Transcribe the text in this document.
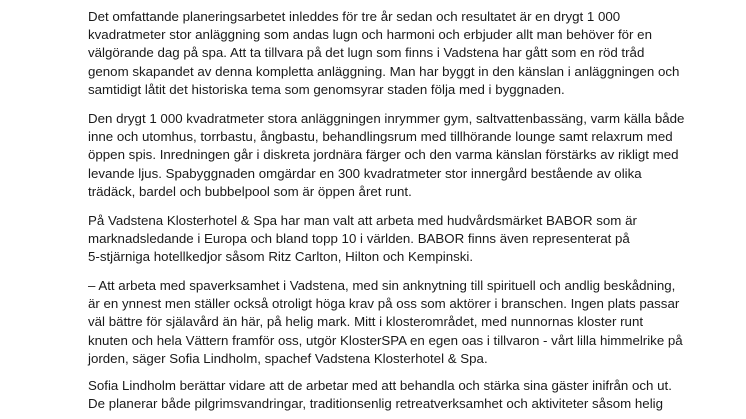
Det omfattande planeringsarbetet inleddes för tre år sedan och resultatet är en drygt 1 000
kvadratmeter stor anläggning som andas lugn och harmoni och erbjuder allt man behöver för en
välgörande dag på spa. Att ta tillvara på det lugn som finns i Vadstena har gått som en röd tråd
genom skapandet av denna kompletta anläggning. Man har byggt in den känslan i anläggningen och
samtidigt låtit det historiska tema som genomsyrar staden följa med i byggnaden.

Den drygt 1 000 kvadratmeter stora anläggningen inrymmer gym, saltvattenbassäng, varm källa både
inne och utomhus, torrbastu, ångbastu, behandlingsrum med tillhörande lounge samt relaxrum med
öppen spis. Inredningen går i diskreta jordnära färger och den varma känslan förstärks av rikligt med
levande ljus. Spabyggnaden omgärdar en 300 kvadratmeter stor innergård bestående av olika
trädäck, bardel och bubbelpool som är öppen året runt.

På Vadstena Klosterhotel & Spa har man valt att arbeta med hudvårdsmärket BABOR som är
marknadsledande i Europa och bland topp 10 i världen. BABOR finns även representerat på
5-stjärniga hotellkedjor såsom Ritz Carlton, Hilton och Kempinski.

– Att arbeta med spaverksamhet i Vadstena, med sin anknytning till spirituell och andlig beskådning,
är en ynnest men ställer också otroligt höga krav på oss som aktörer i branschen. Ingen plats passar
väl bättre för själavård än här, på helig mark. Mitt i klosterområdet, med nunnornas kloster runt
knuten och hela Vättern framför oss, utgör KlosterSPA en egen oas i tillvaron - vårt lilla himmelrike på
jorden, säger Sofia Lindholm, spachef Vadstena Klosterhotel & Spa.

Sofia Lindholm berättar vidare att de arbetar med att behandla och stärka sina gäster inifrån och ut.
De planerar både pilgrimsvandringar, traditionsenlig retreatverksamhet och aktiviteter såsom helig
